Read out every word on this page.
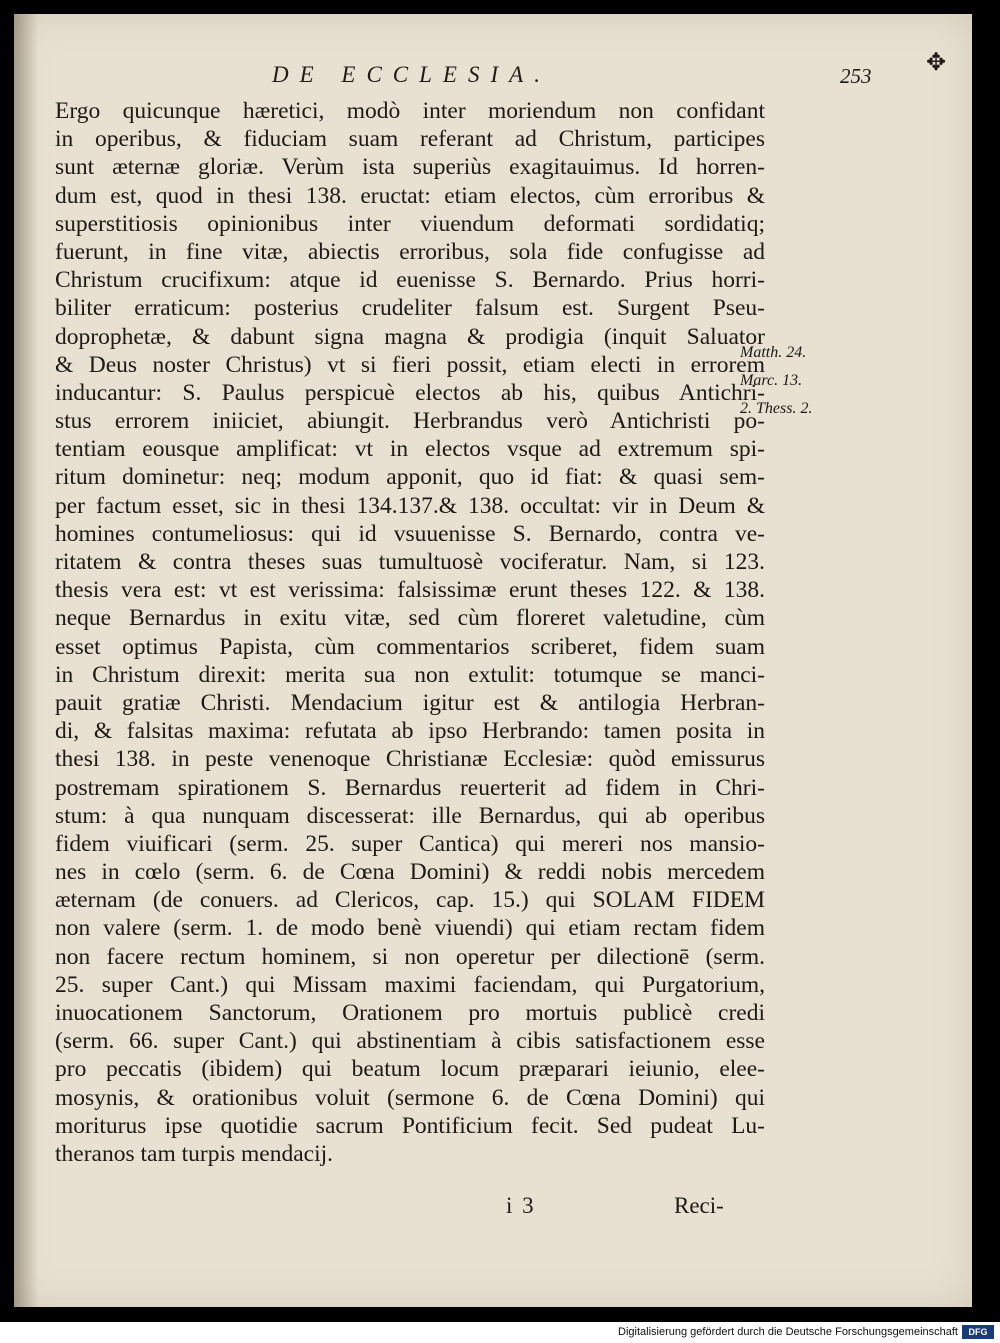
DE ECCLESIA.	253 ✥
Ergo quicunque hæretici, modò inter moriendum non confidant
in operibus, & fiduciam suam referant ad Christum, participes
sunt æternæ gloriæ. Verùm ista superiùs exagitauimus. Id horren-
dum est, quod in thesi 138. eructat: etiam electos, cùm erroribus &
superstitiosis opinionibus inter viuendum deformati sordidatiq;
fuerunt, in fine vitæ, abiectis erroribus, sola fide confugisse ad
Christum crucifixum: atque id euenisse S. Bernardo. Prius horri-
biliter erraticum: posterius crudeliter falsum est. Surgent Pseu-
doprophetæ, & dabunt signa magna & prodigia (inquit Saluator
& Deus noster Christus) vt si fieri possit, etiam electi in errorem
inducantur: S. Paulus perspicuè electos ab his, quibus Antichri-
stus errorem iniiciet, abiungit. Herbrandus verò Antichristi po-
tentiam eousque amplificat: vt in electos vsque ad extremum spi-
ritum dominetur: neq; modum apponit, quo id fiat: & quasi sem-
per factum esset, sic in thesi 134.137.& 138. occultat: vir in Deum &
homines contumeliosus: qui id vsuuenisse S. Bernardo, contra ve-
ritatem & contra theses suas tumultuosè vociferatur. Nam, si 123.
thesis vera est: vt est verissima: falsissimæ erunt theses 122. & 138.
neque Bernardus in exitu vitæ, sed cùm floreret valetudine, cùm
esset optimus Papista, cùm commentarios scriberet, fidem suam
in Christum direxit: merita sua non extulit: totumque se manci-
pauit gratiæ Christi. Mendacium igitur est & antilogia Herbran-
di, & falsitas maxima: refutata ab ipso Herbrando: tamen posita in
thesi 138. in peste venenoque Christianæ Ecclesiæ: quòd emissurus
postremam spirationem S. Bernardus reuerterit ad fidem in Chri-
stum: à qua nunquam discesserat: ille Bernardus, qui ab operibus
fidem viuificari (serm. 25. super Cantica) qui mereri nos mansio-
nes in cœlo (serm. 6. de Cœna Domini) & reddi nobis mercedem
æternam (de conuers. ad Clericos, cap. 15.) qui SOLAM FIDEM
non valere (serm. 1. de modo benè viuendi) qui etiam rectam fidem
non facere rectum hominem, si non operetur per dilectionē (serm.
25. super Cant.) qui Missam maximi faciendam, qui Purgatorium,
inuocationem Sanctorum, Orationem pro mortuis publicè credi
(serm. 66. super Cant.) qui abstinentiam à cibis satisfactionem esse
pro peccatis (ibidem) qui beatum locum præparari ieiunio, elee-
mosynis, & orationibus voluit (sermone 6. de Cœna Domini) qui
moriturus ipse quotidie sacrum Pontificium fecit. Sed pudeat Lu-
theranos tam turpis mendacij.
Matth. 24.
Marc. 13.
2. Thess. 2.
i 3	Reci-
Digitalisierung gefördert durch die Deutsche Forschungsgemeinschaft	DFG
